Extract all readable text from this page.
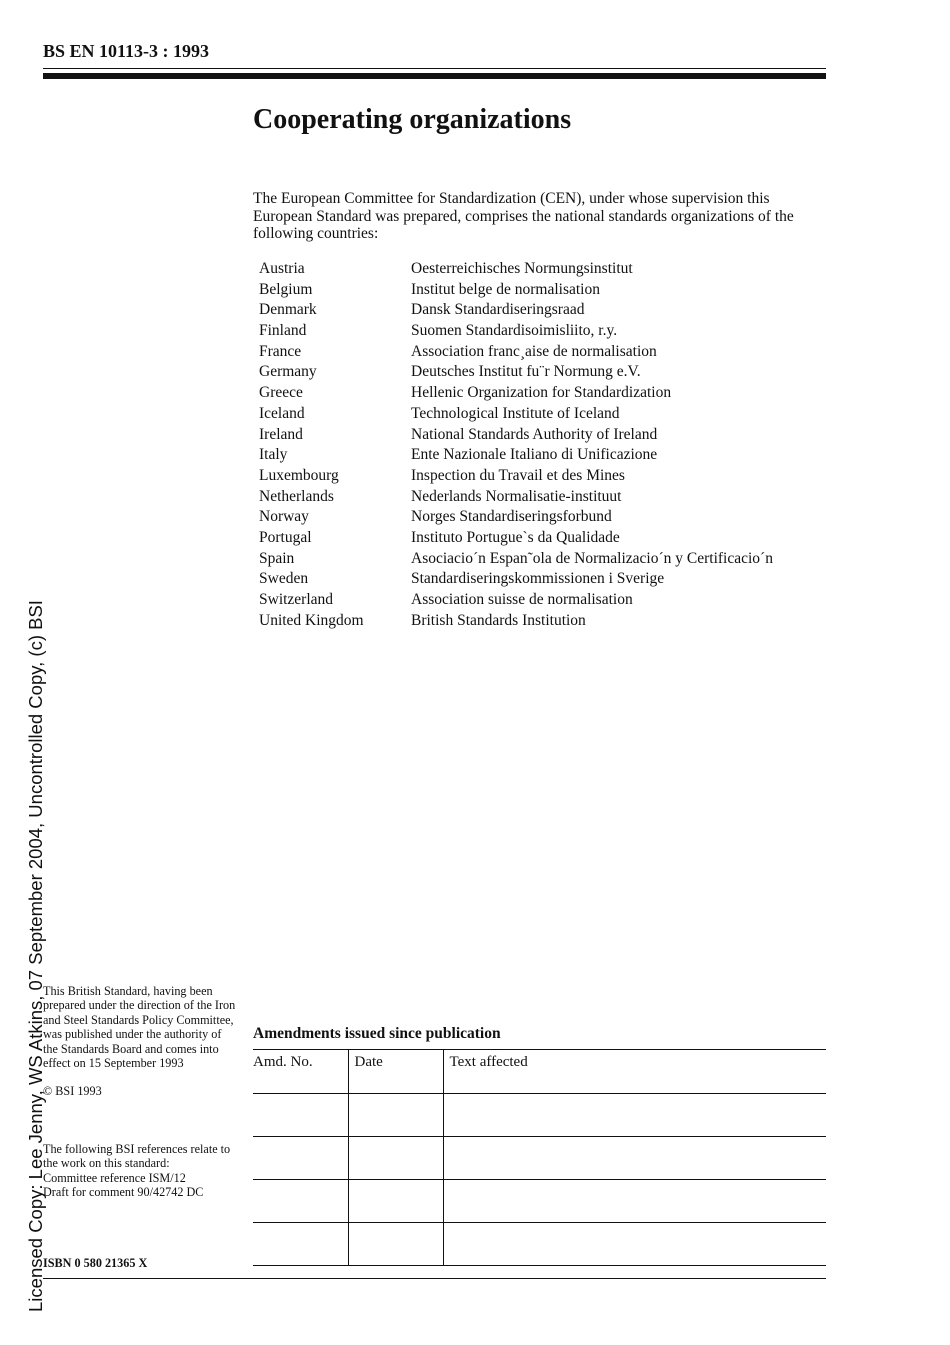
BS EN 10113-3 : 1993
Cooperating organizations
The European Committee for Standardization (CEN), under whose supervision this European Standard was prepared, comprises the national standards organizations of the following countries:
Austria	Oesterreichisches Normungsinstitut
Belgium	Institut belge de normalisation
Denmark	Dansk Standardiseringsraad
Finland	Suomen Standardisoimisliito, r.y.
France	Association franc¸aise de normalisation
Germany	Deutsches Institut fu¨r Normung e.V.
Greece	Hellenic Organization for Standardization
Iceland	Technological Institute of Iceland
Ireland	National Standards Authority of Ireland
Italy	Ente Nazionale Italiano di Unificazione
Luxembourg	Inspection du Travail et des Mines
Netherlands	Nederlands Normalisatie-instituut
Norway	Norges Standardiseringsforbund
Portugal	Instituto Portugue`s da Qualidade
Spain	Asociacio´n Espan˜ola de Normalizacio´n y Certificacio´n
Sweden	Standardiseringskommissionen i Sverige
Switzerland	Association suisse de normalisation
United Kingdom	British Standards Institution

This British Standard, having been prepared under the direction of the Iron and Steel Standards Policy Committee, was published under the authority of the Standards Board and comes into effect on 15 September 1993

© BSI 1993

The following BSI references relate to the work on this standard:

Committee reference ISM/12

Draft for comment 90/42742 DC

ISBN 0 580 21365 X
Amendments issued since publication
Amd. No.	Date	Text affected

Licensed Copy: Lee Jenny, WS Atkins, 07 September 2004, Uncontrolled Copy, (c) BSI
